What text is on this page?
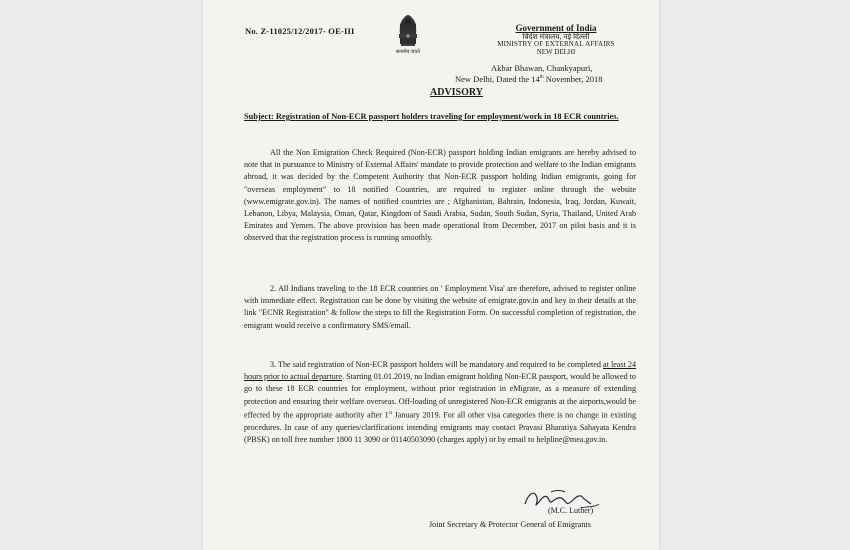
No. Z-11025/12/2017- OE-III
सत्यमेव जयते
Government of India
विदेश मंत्रालय, नई दिल्ली
MINISTRY OF EXTERNAL AFFAIRS
NEW DELHI
Akbar Bhawan, Chankyapuri,
New Delhi, Dated the 14th November, 2018
ADVISORY
Subject: Registration of Non-ECR passport holders traveling for employment/work in 18 ECR countries.
All the Non Emigration Check Required (Non-ECR) passport holding Indian emigrants are hereby advised to note that in pursuance to Ministry of External Affairs' mandate to provide protection and welfare to the Indian emigrants abroad, it was decided by the Competent Authority that Non-ECR passport holding Indian emigrants, going for "overseas employment" to 18 notified Countries, are required to register online through the website (www.emigrate.gov.in). The names of notified countries are ; Afghanistan, Bahrain, Indonesia, Iraq, Jordan, Kuwait, Lebanon, Libya, Malaysia, Oman, Qatar, Kingdom of Saudi Arabia, Sudan, South Sudan, Syria, Thailand, United Arab Emirates and Yemen. The above provision has been made operational from December, 2017 on pilot basis and it is observed that the registration process is running smoothly.
2. All Indians traveling to the 18 ECR countries on ' Employment Visa' are therefore, advised to register online with immediate effect. Registration can be done by visiting the website of emigrate.gov.in and key in their details at the link "ECNR Registration" & follow the steps to fill the Registration Form. On successful completion of registration, the emigrant would receive a confirmatory SMS/email.
3. The said registration of Non-ECR passport holders will be mandatory and required to be completed at least 24 hours prior to actual departure. Starting 01.01.2019, no Indian emigrant holding Non-ECR passport, would be allowed to go to these 18 ECR countries for employment, without prior registration in eMigrate, as a measure of extending protection and ensuring their welfare overseas. Off-loading of unregistered Non-ECR emigrants at the airports,would be effected by the appropriate authority after 1st January 2019. For all other visa categories there is no change in existing procedures. In case of any queries/clarifications intending emigrants may contact Pravasi Bharatiya Sahayata Kendra (PBSK) on toll free number 1800 11 3090 or 01140503090 (charges apply) or by email to helpline@mea.gov.in.
(M.C. Luther)
Joint Secretary & Protector General of Emigrants
